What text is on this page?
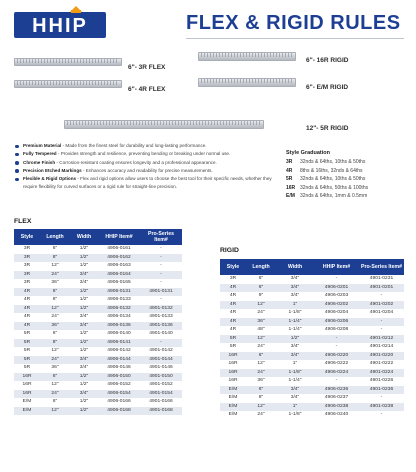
HHIP	FLEX & RIGID RULES
6"- 3R FLEX
6"- 4R FLEX
6"- 16R RIGID
6"- E/M RIGID
12"- 5R RIGID
Premium Material - Made from the finest steel for durability and long-lasting performance.
Fully Tempered - Provides strength and resilience, preventing bending or breaking under normal use.
Chrome Finish - Corrosion-resistant coating ensures longevity and a professional appearance.
Precision Etched Markings - Enhances accuracy and readability for precise measurements.
Flexible & Rigid Options - Flex and rigid options allow users to choose the best tool for their specific needs, whether they require flexibility for curved surfaces or a rigid rule for straight-line precision.
Style Graduation
3R	32nds & 64ths, 10ths & 50ths
4R	8ths & 16ths, 32nds & 64ths
5R	32nds & 64ths, 10ths & 50ths
16R 32nds & 64ths, 50ths & 100ths
E/M	32nds & 64ths, 1mm & 0.5mm
FLEX
Style	Length	Width	HHIP Item#	Pro-Series Item#
3R	6"	1/2"	4906-0161	-
3R	8"	1/2"	4906-0162	-
3R	12"	1/2"	4906-0163	-
3R	24"	3/4"	4906-0164	-
3R	36"	3/4"	4906-0165	-
4R	6"	1/2"	4906-0131	4901-0131
4R	8"	1/2"	4906-0133	-
4R	12"	1/2"	4906-0132	4901-0132
4R	24"	3/4"	4906-0134	4901-0133
4R	36"	3/4"	4906-0136	4901-0136
5R	6"	1/2"	4906-0140	4901-0140
5R	8"	1/2"	4906-0141	-
5R	12"	1/2"	4906-0142	4901-0142
5R	24"	3/4"	4906-0144	4901-0144
5R	36"	3/4"	4906-0146	4901-0146
16R	6"	1/2"	4906-0150	4901-0150
16R	12"	1/2"	4906-0152	4901-0152
16R	24"	3/4"	4906-0154	4901-0154
E/M	6"	1/2"	4906-0166	4901-0166
E/M	12"	1/2"	4906-0168	4901-0168
RIGID
Style	Length	Width	HHIP Item#	Pro-Series Item#
3R	6"	3/4"	-	4901-0231
4R	6"	3/4"	4906-0201	4901-0201
4R	9"	3/4"	4906-0203	-
4R	12"	1"	4906-0202	4901-0202
4R	24"	1-1/8"	4906-0204	4901-0204
4R	36"	1-1/4"	4906-0206	-
4R	48"	1-1/4"	4906-0208	-
5R	12"	1/2"	-	4901-0212
5R	24"	3/4"	-	4901-0214
16R	6"	3/4"	4906-0220	4901-0220
16R	12"	1"	4906-0222	4901-0222
16R	24"	1-1/8"	4906-0224	4901-0224
16R	36"	1-1/4"	-	4901-0226
E/M	6"	3/4"	4906-0236	4901-0236
E/M	8"	3/4"	4906-0237	-
E/M	12"	1"	4906-0238	4901-0238
E/M	24"	1-1/8"	4906-0240	-
